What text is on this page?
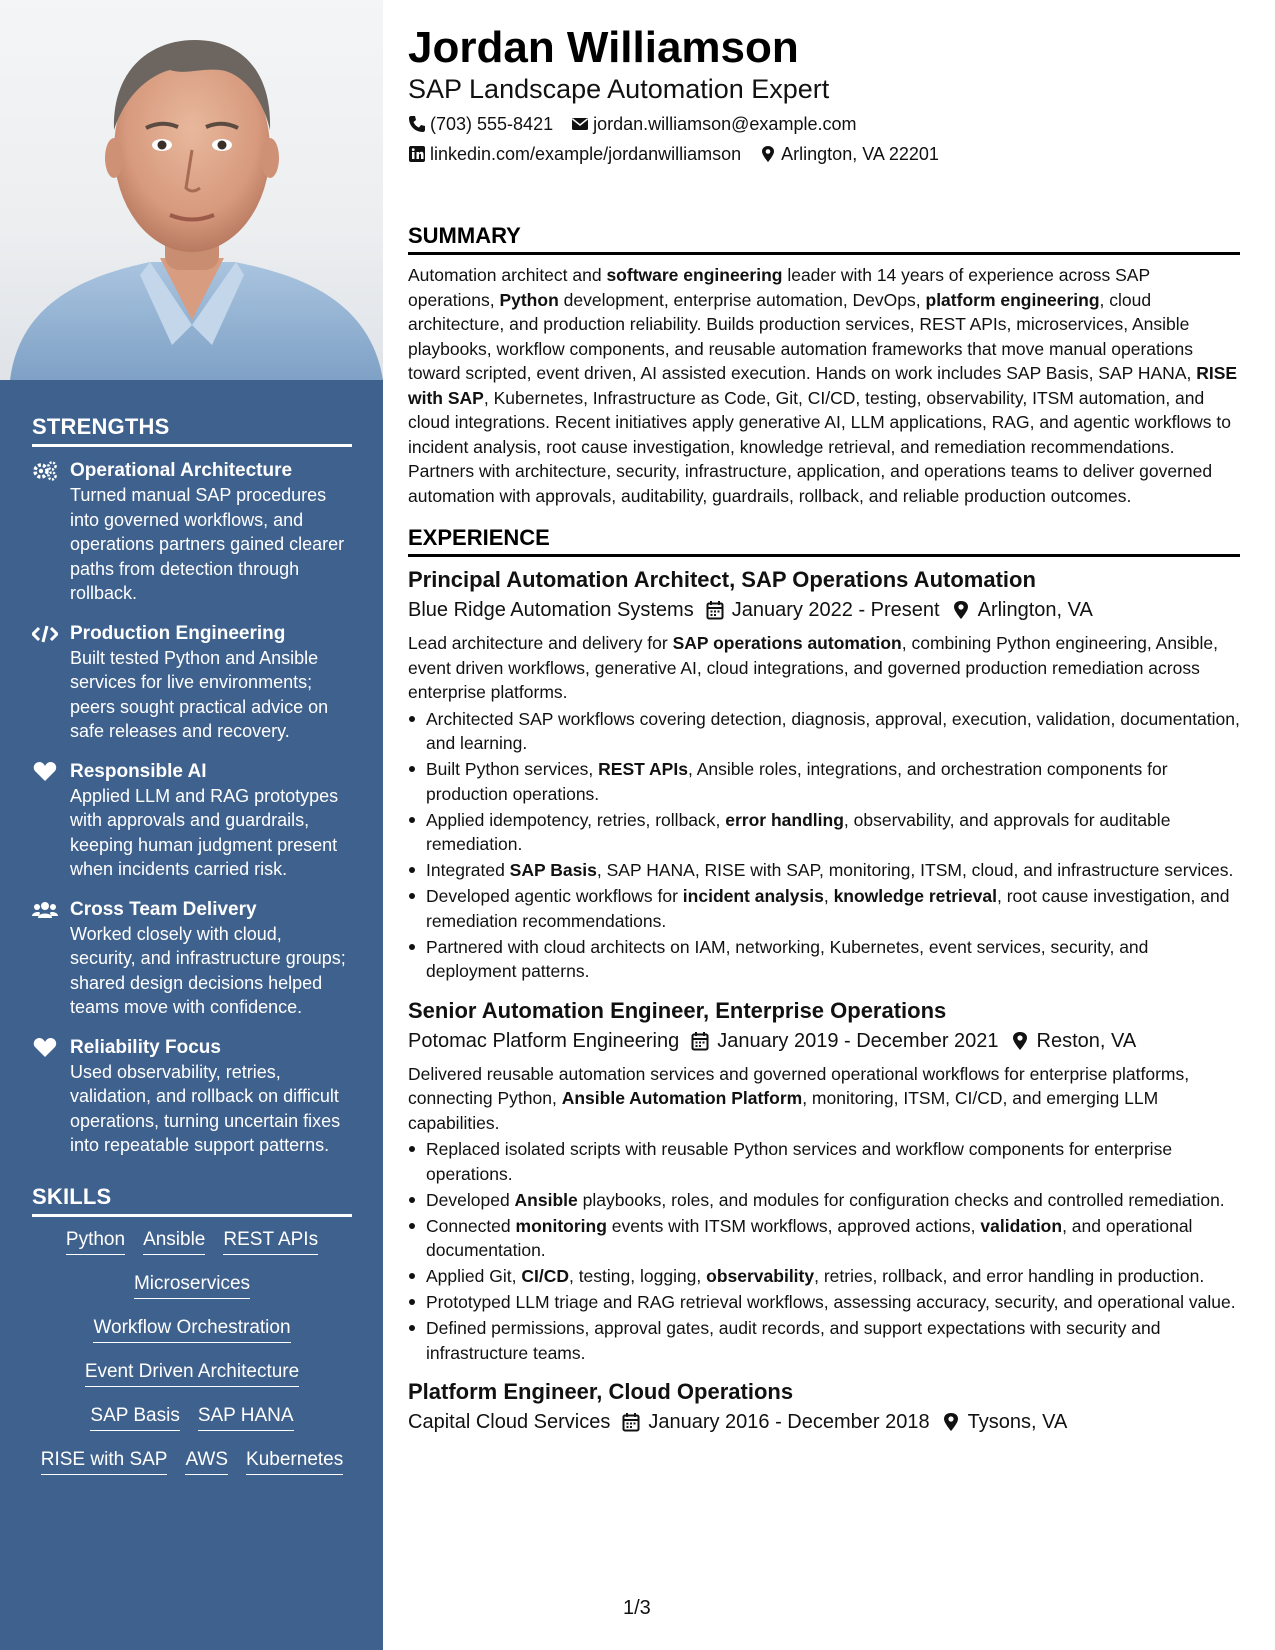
STRENGTHS
Operational Architecture
Turned manual SAP procedures into governed workflows, and operations partners gained clearer paths from detection through rollback.
Production Engineering
Built tested Python and Ansible services for live environments; peers sought practical advice on safe releases and recovery.
Responsible AI
Applied LLM and RAG prototypes with approvals and guardrails, keeping human judgment present when incidents carried risk.
Cross Team Delivery
Worked closely with cloud, security, and infrastructure groups; shared design decisions helped teams move with confidence.
Reliability Focus
Used observability, retries, validation, and rollback on difficult operations, turning uncertain fixes into repeatable support patterns.
SKILLS
Python Ansible REST APIs
Microservices
Workflow Orchestration
Event Driven Architecture
SAP Basis SAP HANA
RISE with SAP AWS Kubernetes
Jordan Williamson
SAP Landscape Automation Expert
(703) 555-8421 jordan.williamson@example.com
linkedin.com/example/jordanwilliamson Arlington, VA 22201
SUMMARY

Automation architect and software engineering leader with 14 years of experience across SAP operations, Python development, enterprise automation, DevOps, platform engineering, cloud architecture, and production reliability. Builds production services, REST APIs, microservices, Ansible playbooks, workflow components, and reusable automation frameworks that move manual operations toward scripted, event driven, AI assisted execution. Hands on work includes SAP Basis, SAP HANA, RISE with SAP, Kubernetes, Infrastructure as Code, Git, CI/CD, testing, observability, ITSM automation, and cloud integrations. Recent initiatives apply generative AI, LLM applications, RAG, and agentic workflows to incident analysis, root cause investigation, knowledge retrieval, and remediation recommendations. Partners with architecture, security, infrastructure, application, and operations teams to deliver governed automation with approvals, auditability, guardrails, rollback, and reliable production outcomes.

EXPERIENCE
Principal Automation Architect, SAP Operations Automation
Blue Ridge Automation Systems January 2022 - Present Arlington, VA

Lead architecture and delivery for SAP operations automation, combining Python engineering, Ansible, event driven workflows, generative AI, cloud integrations, and governed production remediation across enterprise platforms.

Architected SAP workflows covering detection, diagnosis, approval, execution, validation, documentation, and learning.
Built Python services, REST APIs, Ansible roles, integrations, and orchestration components for production operations.
Applied idempotency, retries, rollback, error handling, observability, and approvals for auditable remediation.
Integrated SAP Basis, SAP HANA, RISE with SAP, monitoring, ITSM, cloud, and infrastructure services.
Developed agentic workflows for incident analysis, knowledge retrieval, root cause investigation, and remediation recommendations.
Partnered with cloud architects on IAM, networking, Kubernetes, event services, security, and deployment patterns.
Senior Automation Engineer, Enterprise Operations
Potomac Platform Engineering January 2019 - December 2021 Reston, VA

Delivered reusable automation services and governed operational workflows for enterprise platforms, connecting Python, Ansible Automation Platform, monitoring, ITSM, CI/CD, and emerging LLM capabilities.

Replaced isolated scripts with reusable Python services and workflow components for enterprise operations.
Developed Ansible playbooks, roles, and modules for configuration checks and controlled remediation.
Connected monitoring events with ITSM workflows, approved actions, validation, and operational documentation.
Applied Git, CI/CD, testing, logging, observability, retries, rollback, and error handling in production.
Prototyped LLM triage and RAG retrieval workflows, assessing accuracy, security, and operational value.
Defined permissions, approval gates, audit records, and support expectations with security and infrastructure teams.
Platform Engineer, Cloud Operations
Capital Cloud Services January 2016 - December 2018 Tysons, VA
1/3
